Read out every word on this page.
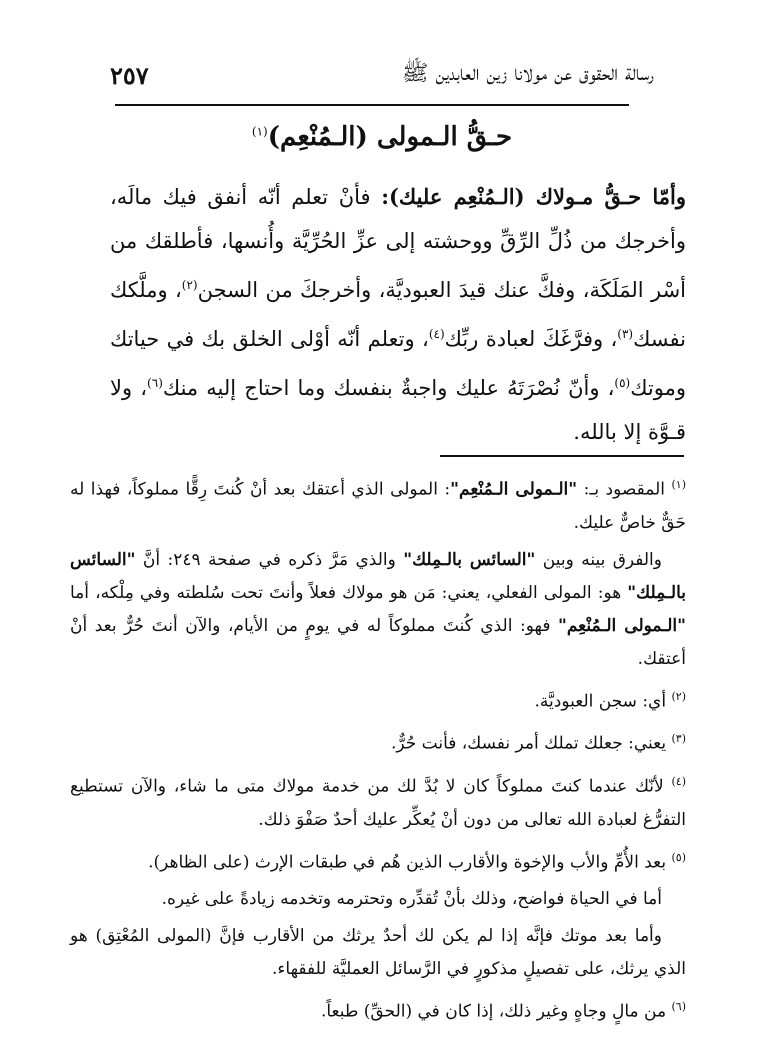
رسالة الحقوق عن مولانا زين العابدين ﷺ
٢٥٧
حـقُّ الـمولى (الـمُنْعِم)$^{(١)}$

وأمّا حـقُّ مـولاك (الـمُنْعِم عليك): فأنْ تعلم أنّه أنفق فيك مالَه، وأخرجك من ذُلِّ الرِّقِّ ووحشته إلى عزِّ الحُرِّيَّة وأُنسها، فأطلقك من أسْر المَلَكَة، وفكَّ عنك قيدَ العبوديَّة، وأخرجكَ من السجن$^{(٢)}$، وملَّكك نفسك$^{(٣)}$، وفرَّغَكَ لعبادة ربِّك$^{(٤)}$، وتعلم أنّه أوْلى الخلق بك في حياتك وموتك$^{(٥)}$، وأنّ نُصْرَتَهُ عليك واجبةٌ بنفسك وما احتاج إليه منك$^{(٦)}$، ولا قـوَّة إلا بالله.

$^{(١)}$ المقصود بـ: "الـمولى الـمُنْعِم": المولى الذي أعتقك بعد أنْ كُنتَ رِقًّا مملوكاً، فهذا له حَقٌّ خاصٌّ عليك.

والفرق بينه وبين "السائس بالـمِلك" والذي مَرَّ ذكره في صفحة ٢٤٩: أنَّ "السائس بالـمِلك" هو: المولى الفعلي، يعني: مَن هو مولاك فعلاً وأنتَ تحت سُلطته وفي مِلْكه، أما "الـمولى الـمُنْعِم" فهو: الذي كُنتَ مملوكاً له في يومٍ من الأيام، والآن أنتَ حُرٌّ بعد أنْ أعتقك.

$^{(٢)}$ أي: سجن العبوديَّة.

$^{(٣)}$ يعني: جعلك تملك أمر نفسك، فأنت حُرٌّ.

$^{(٤)}$ لأنّك عندما كنتَ مملوكاً كان لا بُدَّ لك من خدمة مولاك متى ما شاء، والآن تستطيع التفرُّغ لعبادة الله تعالى من دون أنْ يُعكِّر عليك أحدٌ صَفْوَ ذلك.

$^{(٥)}$ بعد الأُمِّ والأب والإخوة والأقارب الذين هُم في طبقات الإرث (على الظاهر).

أما في الحياة فواضح، وذلك بأنْ تُقدِّره وتحترمه وتخدمه زيادةً على غيره.

وأما بعد موتك فإنَّه إذا لم يكن لك أحدٌ يرثك من الأقارب فإنَّ (المولى المُعْتِق) هو الذي يرثك، على تفصيلٍ مذكورٍ في الرَّسائل العمليَّة للفقهاء.

$^{(٦)}$ من مالٍ وجاهٍ وغير ذلك، إذا كان في (الحقِّ) طبعاً.
